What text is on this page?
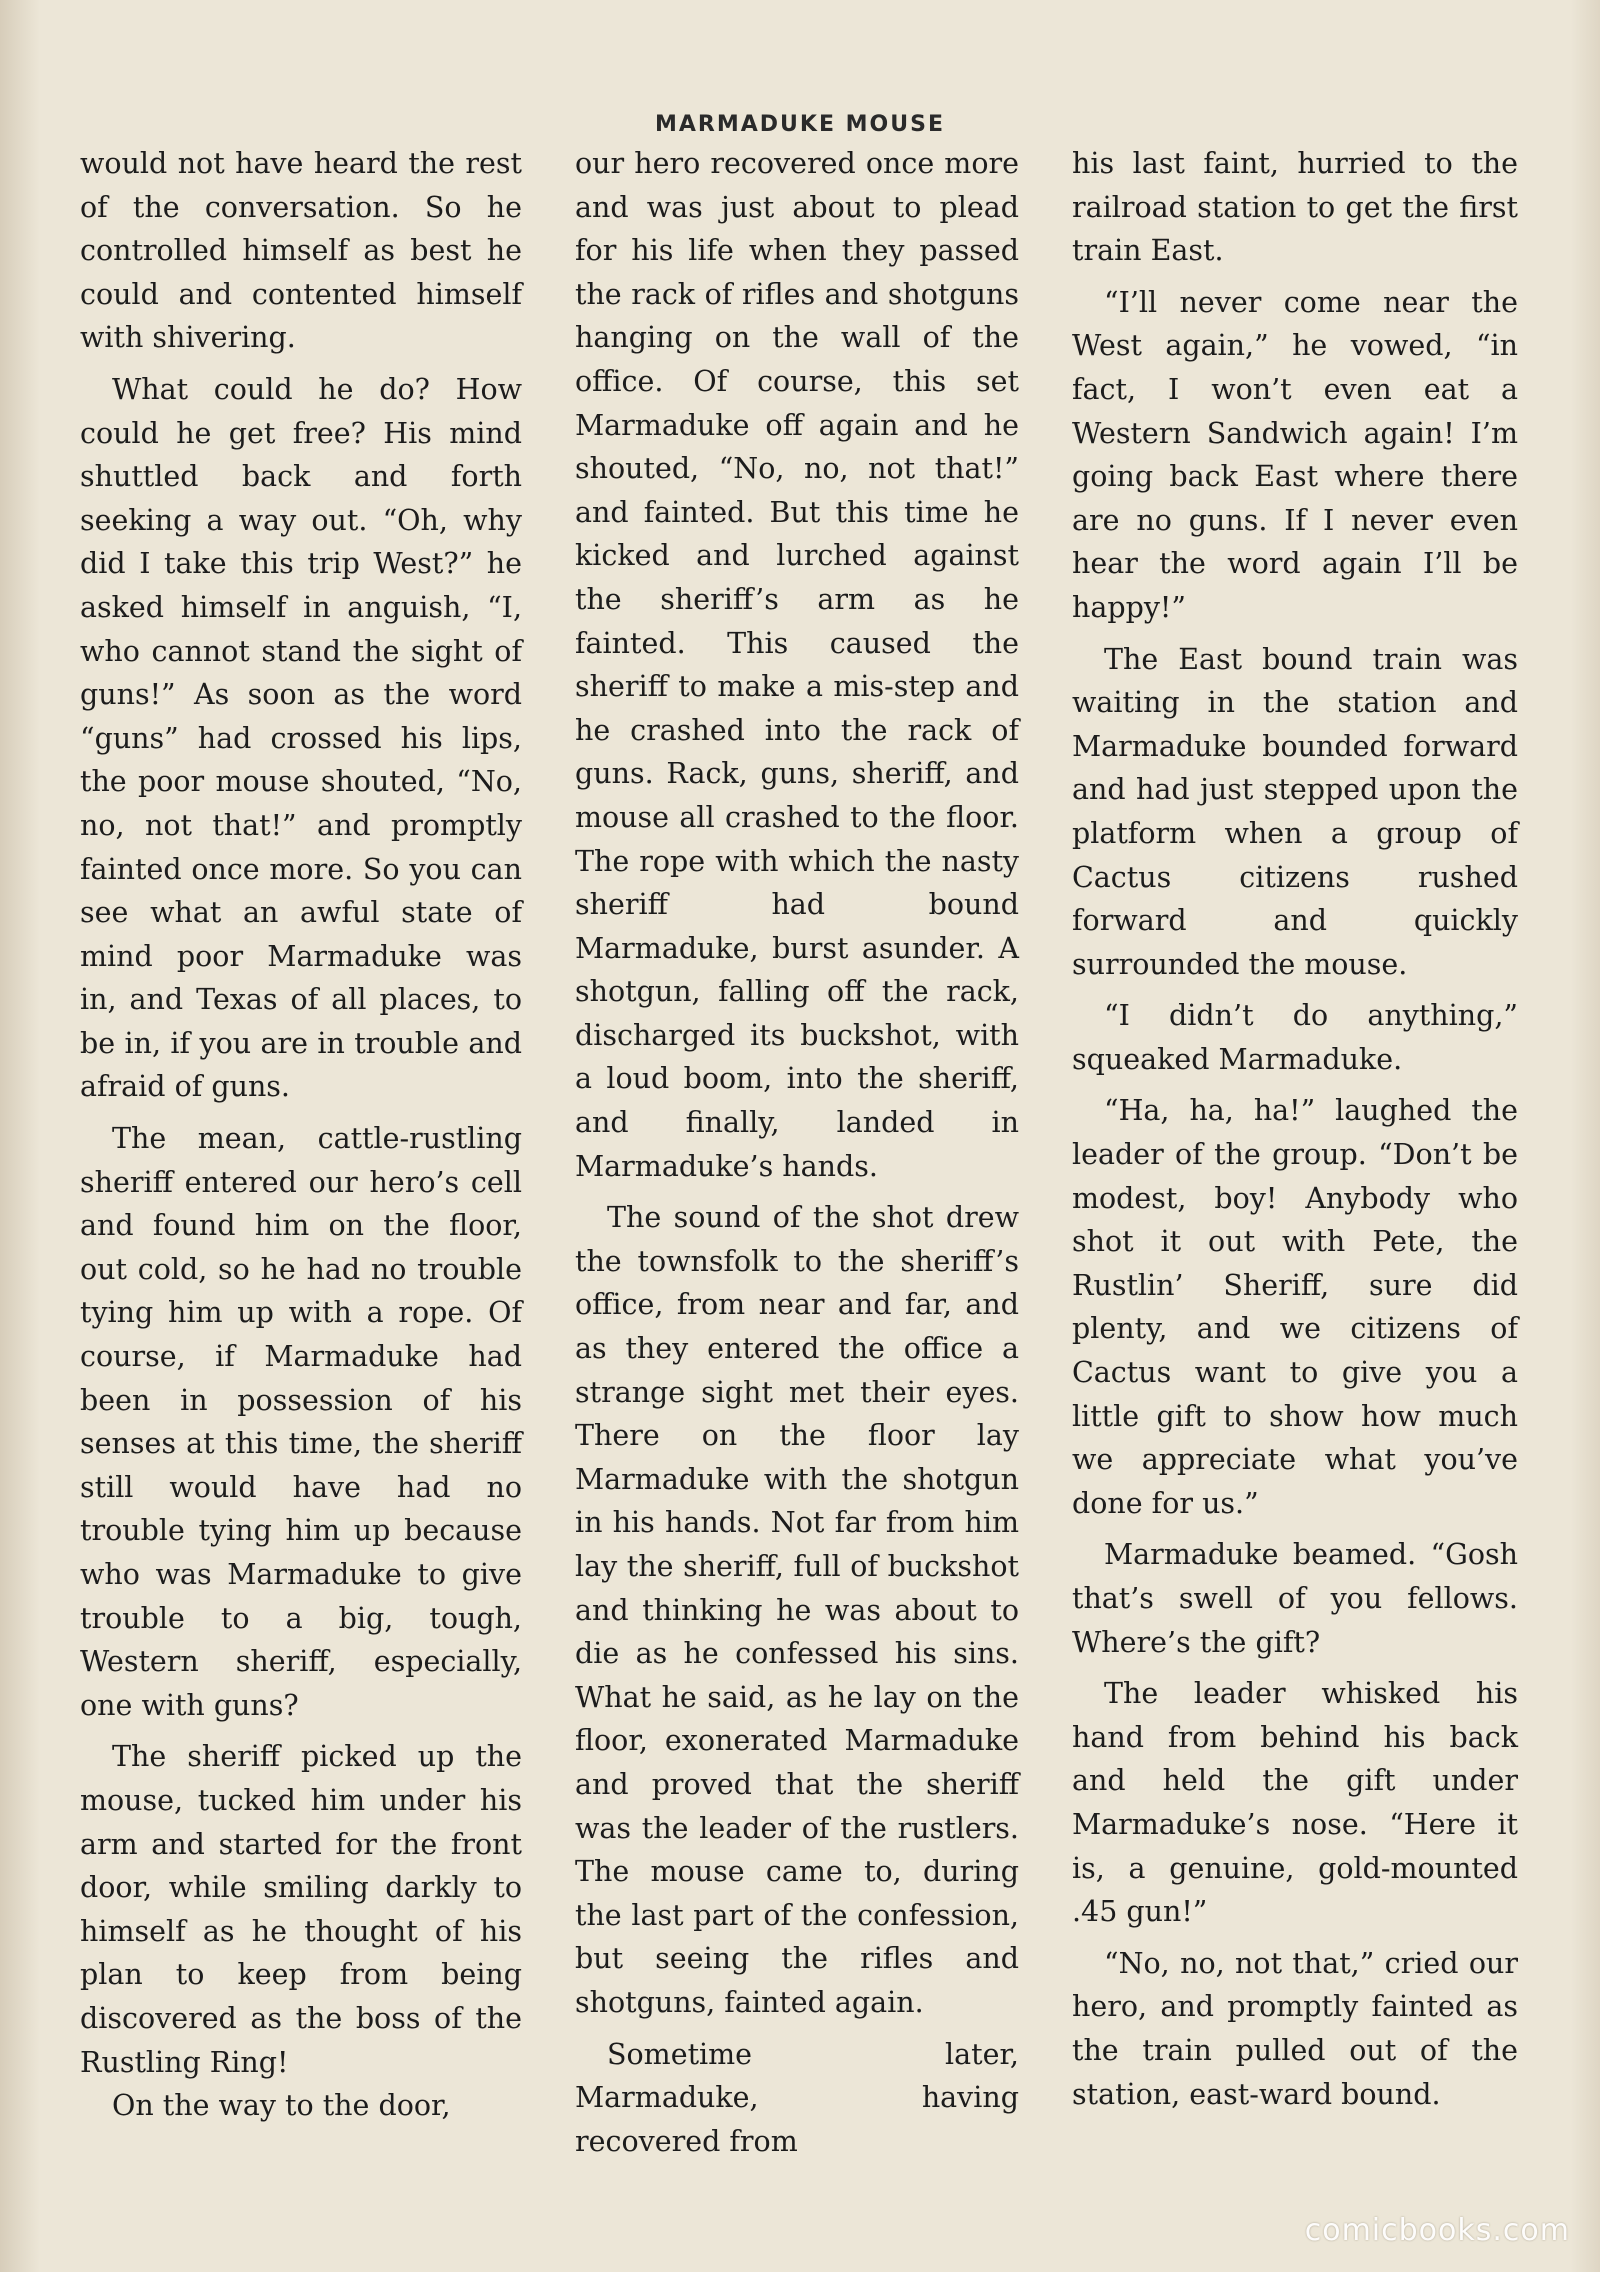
MARMADUKE MOUSE

would not have heard the rest of the conversation. So he controlled himself as best he could and contented himself with shivering.

What could he do? How could he get free? His mind shuttled back and forth seeking a way out. “Oh, why did I take this trip West?” he asked himself in anguish, “I, who cannot stand the sight of guns!” As soon as the word “guns” had crossed his lips, the poor mouse shouted, “No, no, not that!” and promptly fainted once more. So you can see what an awful state of mind poor Marmaduke was in, and Texas of all places, to be in, if you are in trouble and afraid of guns.

The mean, cattle-rustling sheriff entered our hero’s cell and found him on the floor, out cold, so he had no trouble tying him up with a rope. Of course, if Marmaduke had been in possession of his senses at this time, the sheriff still would have had no trouble tying him up because who was Marmaduke to give trouble to a big, tough, Western sheriff, especially, one with guns?

The sheriff picked up the mouse, tucked him under his arm and started for the front door, while smiling darkly to himself as he thought of his plan to keep from being discovered as the boss of the Rustling Ring!

On the way to the door,

our hero recovered once more and was just about to plead for his life when they passed the rack of rifles and shotguns hanging on the wall of the office. Of course, this set Marmaduke off again and he shouted, “No, no, not that!” and fainted. But this time he kicked and lurched against the sheriff’s arm as he fainted. This caused the sheriff to make a mis-step and he crashed into the rack of guns. Rack, guns, sheriff, and mouse all crashed to the floor. The rope with which the nasty sheriff had bound Marmaduke, burst asunder. A shotgun, falling off the rack, discharged its buckshot, with a loud boom, into the sheriff, and finally, landed in Marmaduke’s hands.

The sound of the shot drew the townsfolk to the sheriff’s office, from near and far, and as they entered the office a strange sight met their eyes. There on the floor lay Marmaduke with the shotgun in his hands. Not far from him lay the sheriff, full of buckshot and thinking he was about to die as he confessed his sins. What he said, as he lay on the floor, exonerated Marmaduke and proved that the sheriff was the leader of the rustlers. The mouse came to, during the last part of the confession, but seeing the rifles and shotguns, fainted again.

Sometime later, Marmaduke, having recovered from

his last faint, hurried to the railroad station to get the first train East.

“I’ll never come near the West again,” he vowed, “in fact, I won’t even eat a Western Sandwich again! I’m going back East where there are no guns. If I never even hear the word again I’ll be happy!”

The East bound train was waiting in the station and Marmaduke bounded forward and had just stepped upon the platform when a group of Cactus citizens rushed forward and quickly surrounded the mouse.

“I didn’t do anything,” squeaked Marmaduke.

“Ha, ha, ha!” laughed the leader of the group. “Don’t be modest, boy! Anybody who shot it out with Pete, the Rustlin’ Sheriff, sure did plenty, and we citizens of Cactus want to give you a little gift to show how much we appreciate what you’ve done for us.”

Marmaduke beamed. “Gosh that’s swell of you fellows. Where’s the gift?

The leader whisked his hand from behind his back and held the gift under Marmaduke’s nose. “Here it is, a genuine, gold-mounted .45 gun!”

“No, no, not that,” cried our hero, and promptly fainted as the train pulled out of the station, east-ward bound.

comicbooks.com
